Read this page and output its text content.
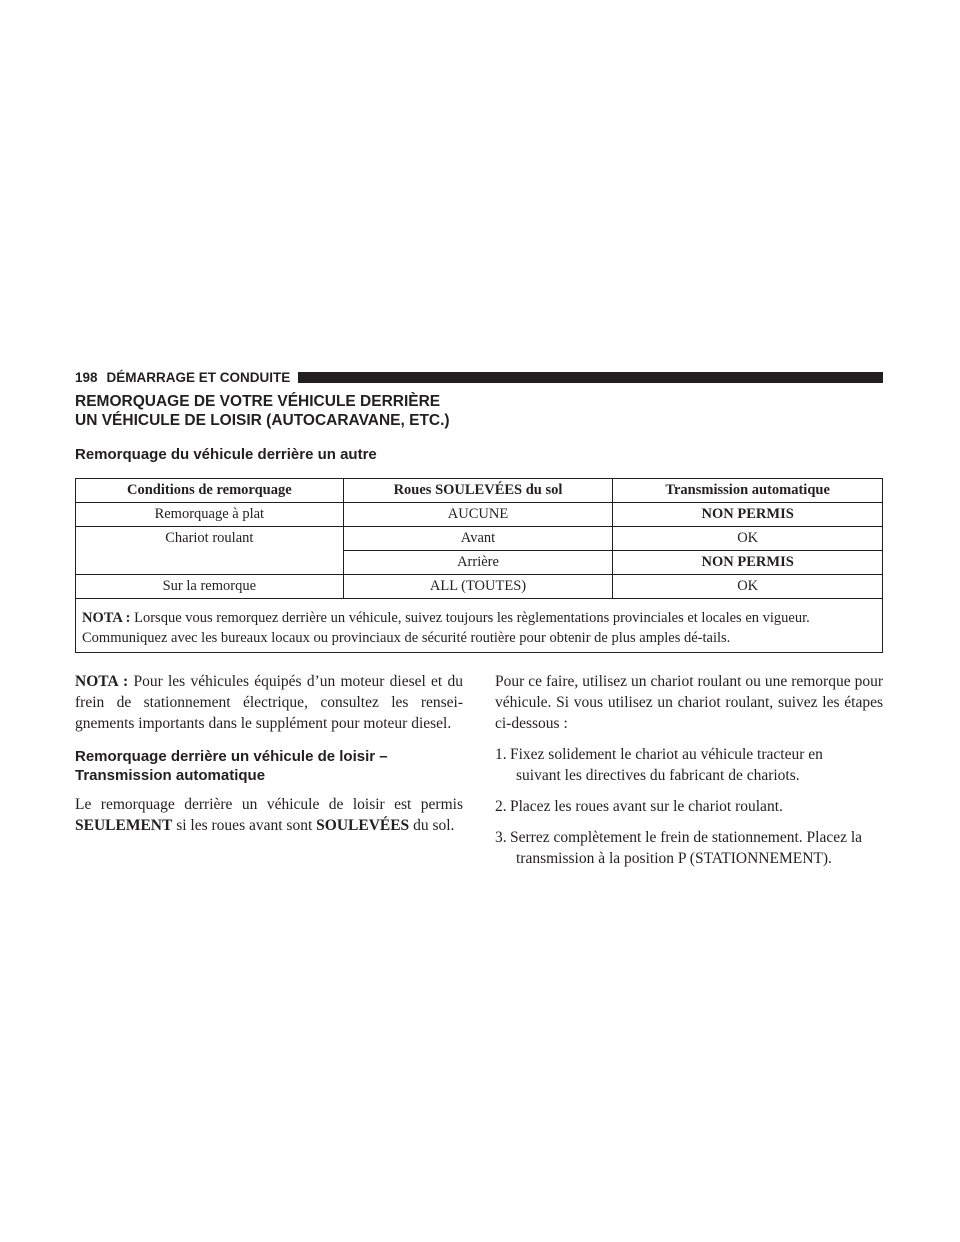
198 DÉMARRAGE ET CONDUITE
REMORQUAGE DE VOTRE VÉHICULE DERRIÈRE
UN VÉHICULE DE LOISIR (AUTOCARAVANE, ETC.)
Remorquage du véhicule derrière un autre
Conditions de remorquage	Roues SOULEVÉES du sol	Transmission automatique
Remorquage à plat	AUCUNE	NON PERMIS
Chariot roulant	Avant	OK
	Arrière	NON PERMIS
Sur la remorque	ALL (TOUTES)	OK
NOTA : Lorsque vous remorquez derrière un véhicule, suivez toujours les règlementations provinciales et locales en vigueur. Communiquez avec les bureaux locaux ou provinciaux de sécurité routière pour obtenir de plus amples dé-tails.		

NOTA : Pour les véhicules équipés d’un moteur diesel et du frein de stationnement électrique, consultez les rensei-gnements importants dans le supplément pour moteur diesel.

Remorquage derrière un véhicule de loisir –
Transmission automatique

Le remorquage derrière un véhicule de loisir est permis SEULEMENT si les roues avant sont SOULEVÉES du sol.

Pour ce faire, utilisez un chariot roulant ou une remorque pour véhicule. Si vous utilisez un chariot roulant, suivez les étapes ci-dessous :

1. Fixez solidement le chariot au véhicule tracteur en
suivant les directives du fabricant de chariots.
2. Placez les roues avant sur le chariot roulant.
3. Serrez complètement le frein de stationnement. Placez la
transmission à la position P (STATIONNEMENT).
